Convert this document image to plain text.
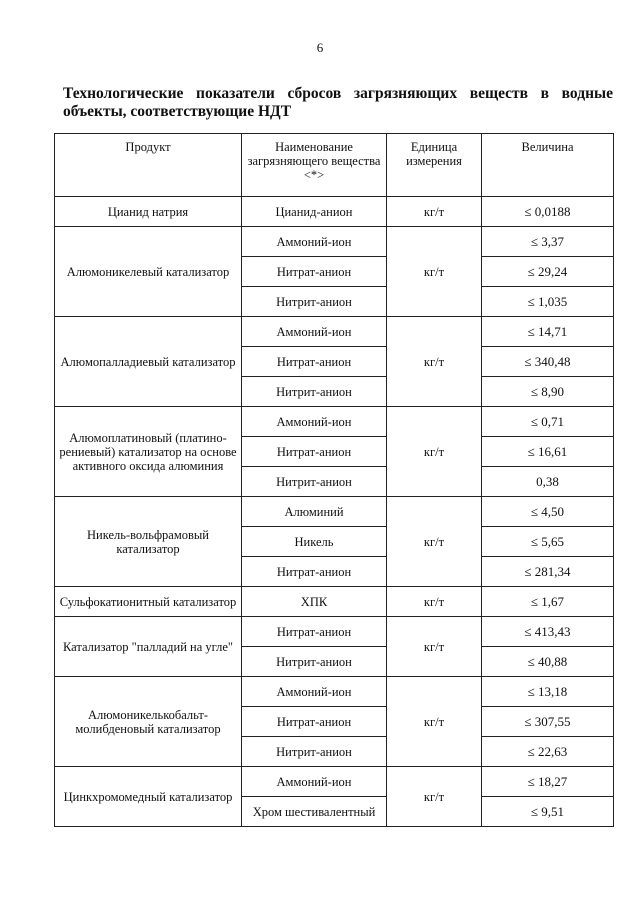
6
Технологические показатели сбросов загрязняющих веществ в водные объекты, соответствующие НДТ
Продукт	Наименование загрязняющего вещества <*>	Единица измерения	Величина
Цианид натрия	Цианид-анион	кг/т	≤ 0,0188
Алюмоникелевый катализатор	Аммоний-ион	кг/т	≤ 3,37
	Нитрат-анион		≤ 29,24
	Нитрит-анион		≤ 1,035
Алюмопалладиевый катализатор	Аммоний-ион	кг/т	≤ 14,71
	Нитрат-анион		≤ 340,48
	Нитрит-анион		≤ 8,90
Алюмоплатиновый (платино-рениевый) катализатор на основе активного оксида алюминия	Аммоний-ион	кг/т	≤ 0,71
	Нитрат-анион		≤ 16,61
	Нитрит-анион		0,38
Никель-вольфрамовый катализатор	Алюминий	кг/т	≤ 4,50
	Никель		≤ 5,65
	Нитрат-анион		≤ 281,34
Сульфокатионитный катализатор	ХПК	кг/т	≤ 1,67
Катализатор "палладий на угле"	Нитрат-анион	кг/т	≤ 413,43
	Нитрит-анион		≤ 40,88
Алюмоникелькобальт-молибденовый катализатор	Аммоний-ион	кг/т	≤ 13,18
	Нитрат-анион		≤ 307,55
	Нитрит-анион		≤ 22,63
Цинкхромомедный катализатор	Аммоний-ион	кг/т	≤ 18,27
	Хром шестивалентный		≤ 9,51
